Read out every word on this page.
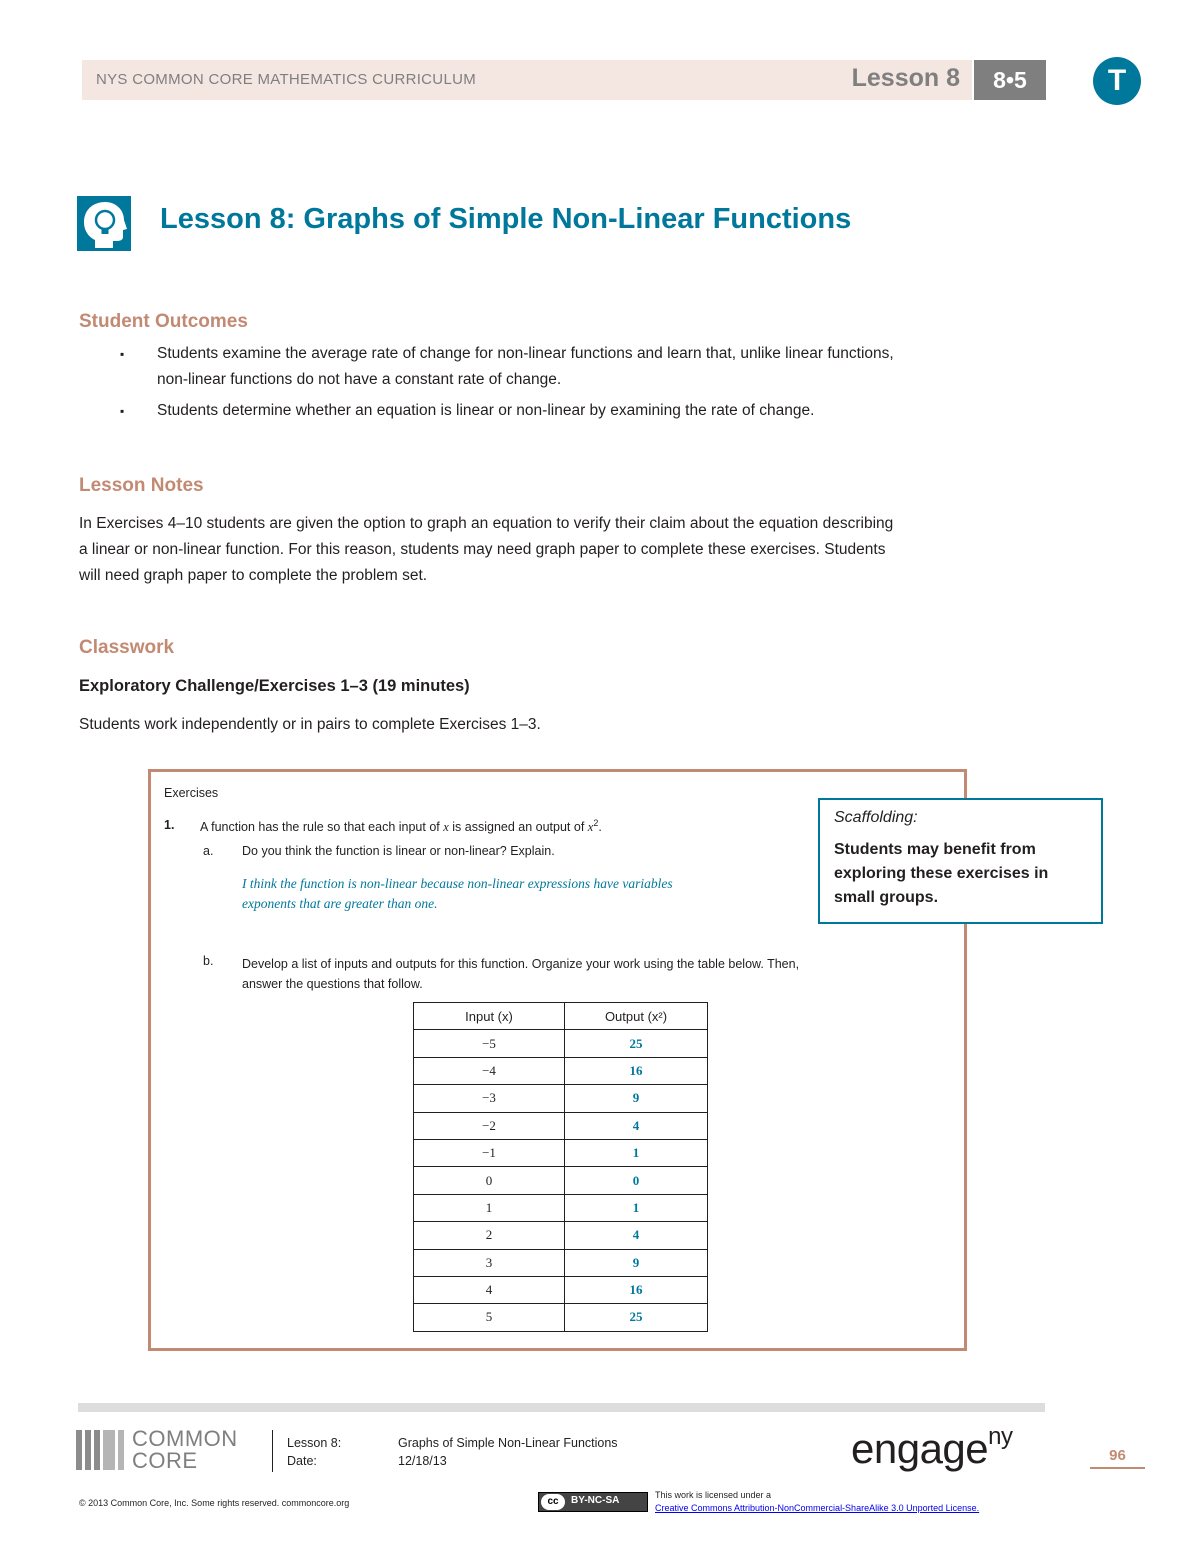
NYS COMMON CORE MATHEMATICS CURRICULUM	Lesson 8	8•5	T
Lesson 8: Graphs of Simple Non-Linear Functions
Student Outcomes
▪ Students examine the average rate of change for non-linear functions and learn that, unlike linear functions,
non-linear functions do not have a constant rate of change.
▪ Students determine whether an equation is linear or non-linear by examining the rate of change.
Lesson Notes
In Exercises 4–10 students are given the option to graph an equation to verify their claim about the equation describing
a linear or non-linear function. For this reason, students may need graph paper to complete these exercises. Students
will need graph paper to complete the problem set.
Classwork
Exploratory Challenge/Exercises 1–3 (19 minutes)
Students work independently or in pairs to complete Exercises 1–3.
Exercises
1. A function has the rule so that each input of x is assigned an output of $x^2$.
a. Do you think the function is linear or non-linear? Explain.
I think the function is non-linear because non-linear expressions have variables
exponents that are greater than one.
b. Develop a list of inputs and outputs for this function. Organize your work using the table below. Then,
answer the questions that follow.
Input (x)	Output (x²)
−5	25
−4	16
−3	9
−2	4
−1	1
0	0
1	1
2	4
3	9
4	16
5	25
Scaffolding:
Students may benefit from
exploring these exercises in
small groups.
COMMON
CORE
Lesson 8:
Date:
Graphs of Simple Non-Linear Functions
12/18/13	engage$^{ny}$
96
© 2013 Common Core, Inc. Some rights reserved. commoncore.org	cc	BY-NC-SA	This work is licensed under a
Creative Commons Attribution-NonCommercial-ShareAlike 3.0 Unported License.
